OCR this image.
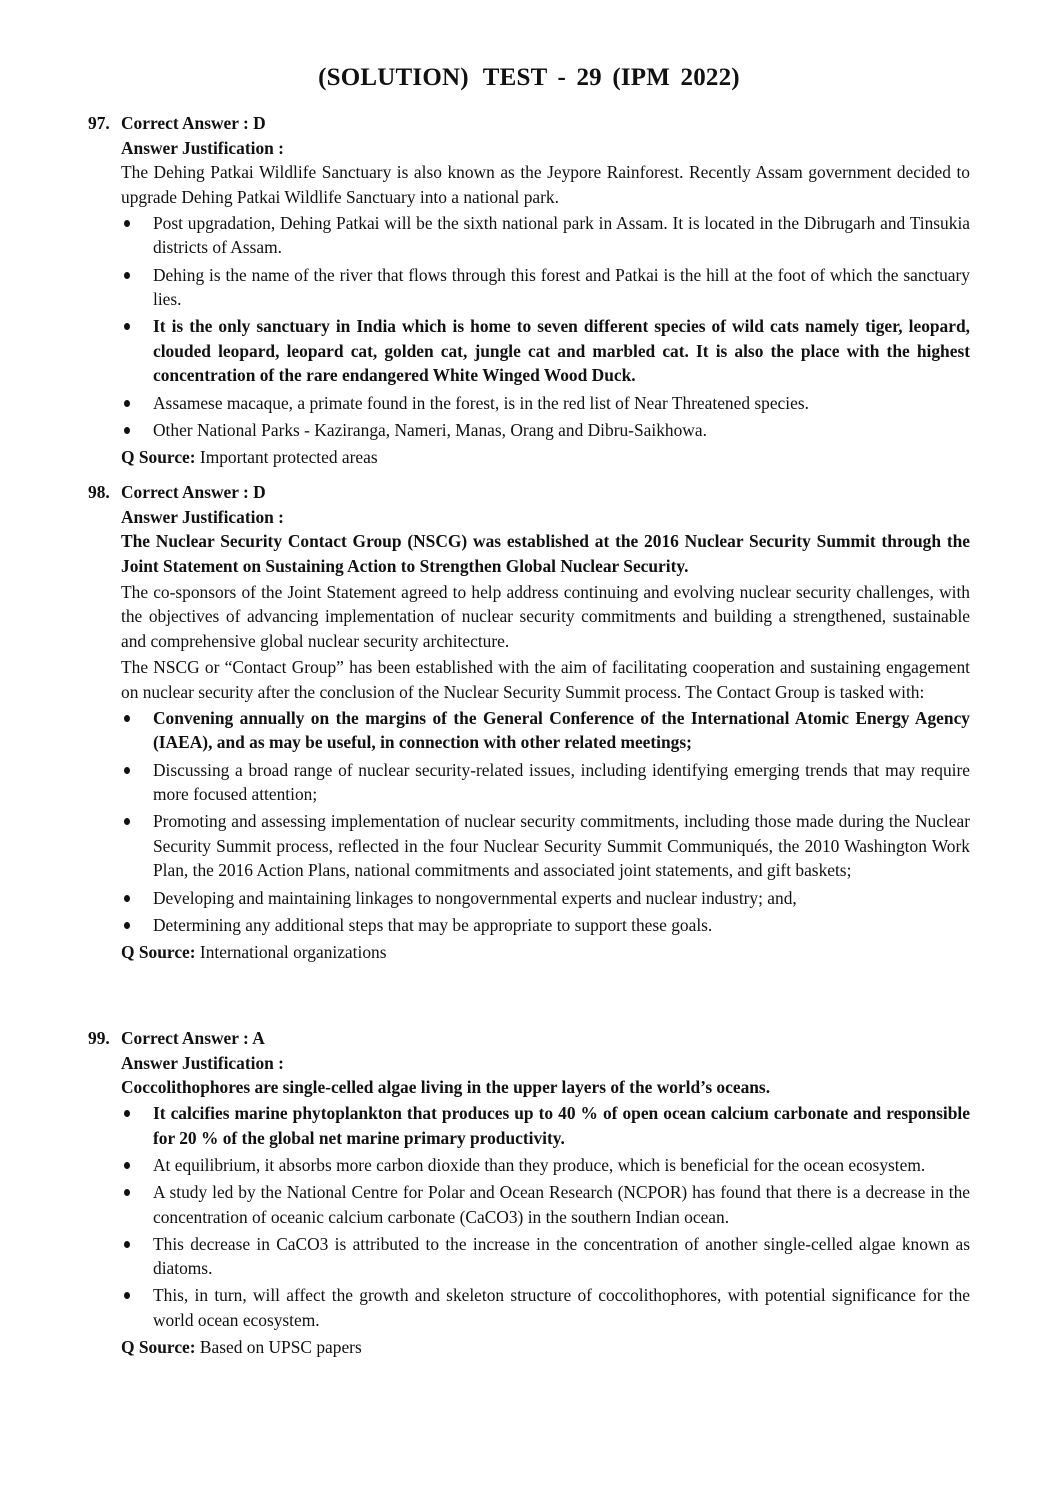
(SOLUTION) TEST - 29 (IPM 2022)
97. Correct Answer : D
Answer Justification :

The Dehing Patkai Wildlife Sanctuary is also known as the Jeypore Rainforest. Recently Assam government decided to upgrade Dehing Patkai Wildlife Sanctuary into a national park.

Post upgradation, Dehing Patkai will be the sixth national park in Assam. It is located in the Dibrugarh and Tinsukia districts of Assam.
Dehing is the name of the river that flows through this forest and Patkai is the hill at the foot of which the sanctuary lies.
It is the only sanctuary in India which is home to seven different species of wild cats namely tiger, leopard, clouded leopard, leopard cat, golden cat, jungle cat and marbled cat. It is also the place with the highest concentration of the rare endangered White Winged Wood Duck.
Assamese macaque, a primate found in the forest, is in the red list of Near Threatened species.
Other National Parks - Kaziranga, Nameri, Manas, Orang and Dibru-Saikhowa.
Q Source: Important protected areas
98. Correct Answer : D
Answer Justification :

The Nuclear Security Contact Group (NSCG) was established at the 2016 Nuclear Security Summit through the Joint Statement on Sustaining Action to Strengthen Global Nuclear Security.

The co-sponsors of the Joint Statement agreed to help address continuing and evolving nuclear security challenges, with the objectives of advancing implementation of nuclear security commitments and building a strengthened, sustainable and comprehensive global nuclear security architecture.

The NSCG or “Contact Group” has been established with the aim of facilitating cooperation and sustaining engagement on nuclear security after the conclusion of the Nuclear Security Summit process. The Contact Group is tasked with:

Convening annually on the margins of the General Conference of the International Atomic Energy Agency (IAEA), and as may be useful, in connection with other related meetings;
Discussing a broad range of nuclear security-related issues, including identifying emerging trends that may require more focused attention;
Promoting and assessing implementation of nuclear security commitments, including those made during the Nuclear Security Summit process, reflected in the four Nuclear Security Summit Communiqués, the 2010 Washington Work Plan, the 2016 Action Plans, national commitments and associated joint statements, and gift baskets;
Developing and maintaining linkages to nongovernmental experts and nuclear industry; and,
Determining any additional steps that may be appropriate to support these goals.
Q Source: International organizations
99. Correct Answer : A
Answer Justification :

Coccolithophores are single-celled algae living in the upper layers of the world’s oceans.

It calcifies marine phytoplankton that produces up to 40 % of open ocean calcium carbonate and responsible for 20 % of the global net marine primary productivity.
At equilibrium, it absorbs more carbon dioxide than they produce, which is beneficial for the ocean ecosystem.
A study led by the National Centre for Polar and Ocean Research (NCPOR) has found that there is a decrease in the concentration of oceanic calcium carbonate (CaCO3) in the southern Indian ocean.
This decrease in CaCO3 is attributed to the increase in the concentration of another single-celled algae known as diatoms.
This, in turn, will affect the growth and skeleton structure of coccolithophores, with potential significance for the world ocean ecosystem.
Q Source: Based on UPSC papers
